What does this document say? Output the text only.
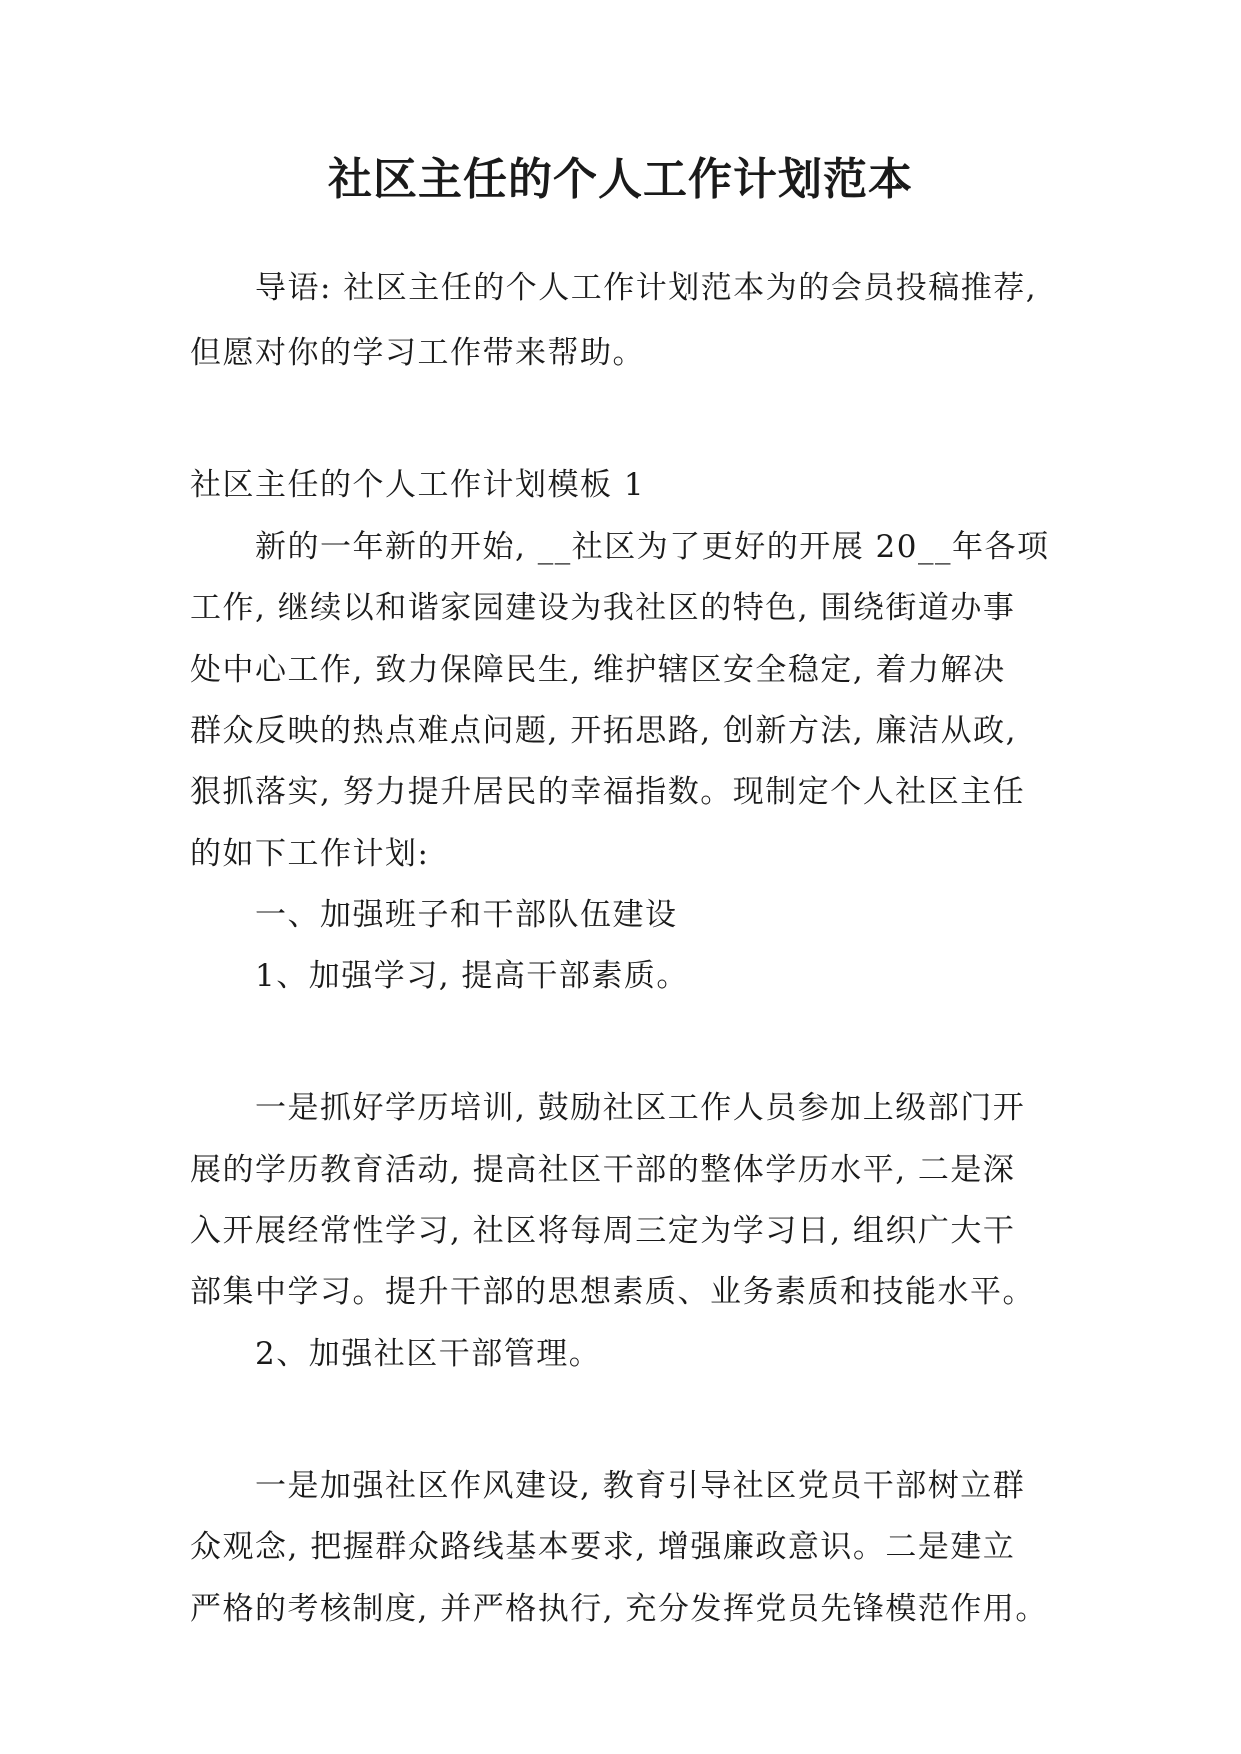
社区主任的个人工作计划范本
导语: 社区主任的个人工作计划范本为的会员投稿推荐,
但愿对你的学习工作带来帮助。
社区主任的个人工作计划模板 1
新的一年新的开始, __社区为了更好的开展 20__年各项
工作, 继续以和谐家园建设为我社区的特色, 围绕街道办事
处中心工作, 致力保障民生, 维护辖区安全稳定, 着力解决
群众反映的热点难点问题, 开拓思路, 创新方法, 廉洁从政,
狠抓落实, 努力提升居民的幸福指数。现制定个人社区主任
的如下工作计划:
一、加强班子和干部队伍建设
1、加强学习, 提高干部素质。
一是抓好学历培训, 鼓励社区工作人员参加上级部门开
展的学历教育活动, 提高社区干部的整体学历水平, 二是深
入开展经常性学习, 社区将每周三定为学习日, 组织广大干
部集中学习。提升干部的思想素质、业务素质和技能水平。
2、加强社区干部管理。
一是加强社区作风建设, 教育引导社区党员干部树立群
众观念, 把握群众路线基本要求, 增强廉政意识。二是建立
严格的考核制度, 并严格执行, 充分发挥党员先锋模范作用。
